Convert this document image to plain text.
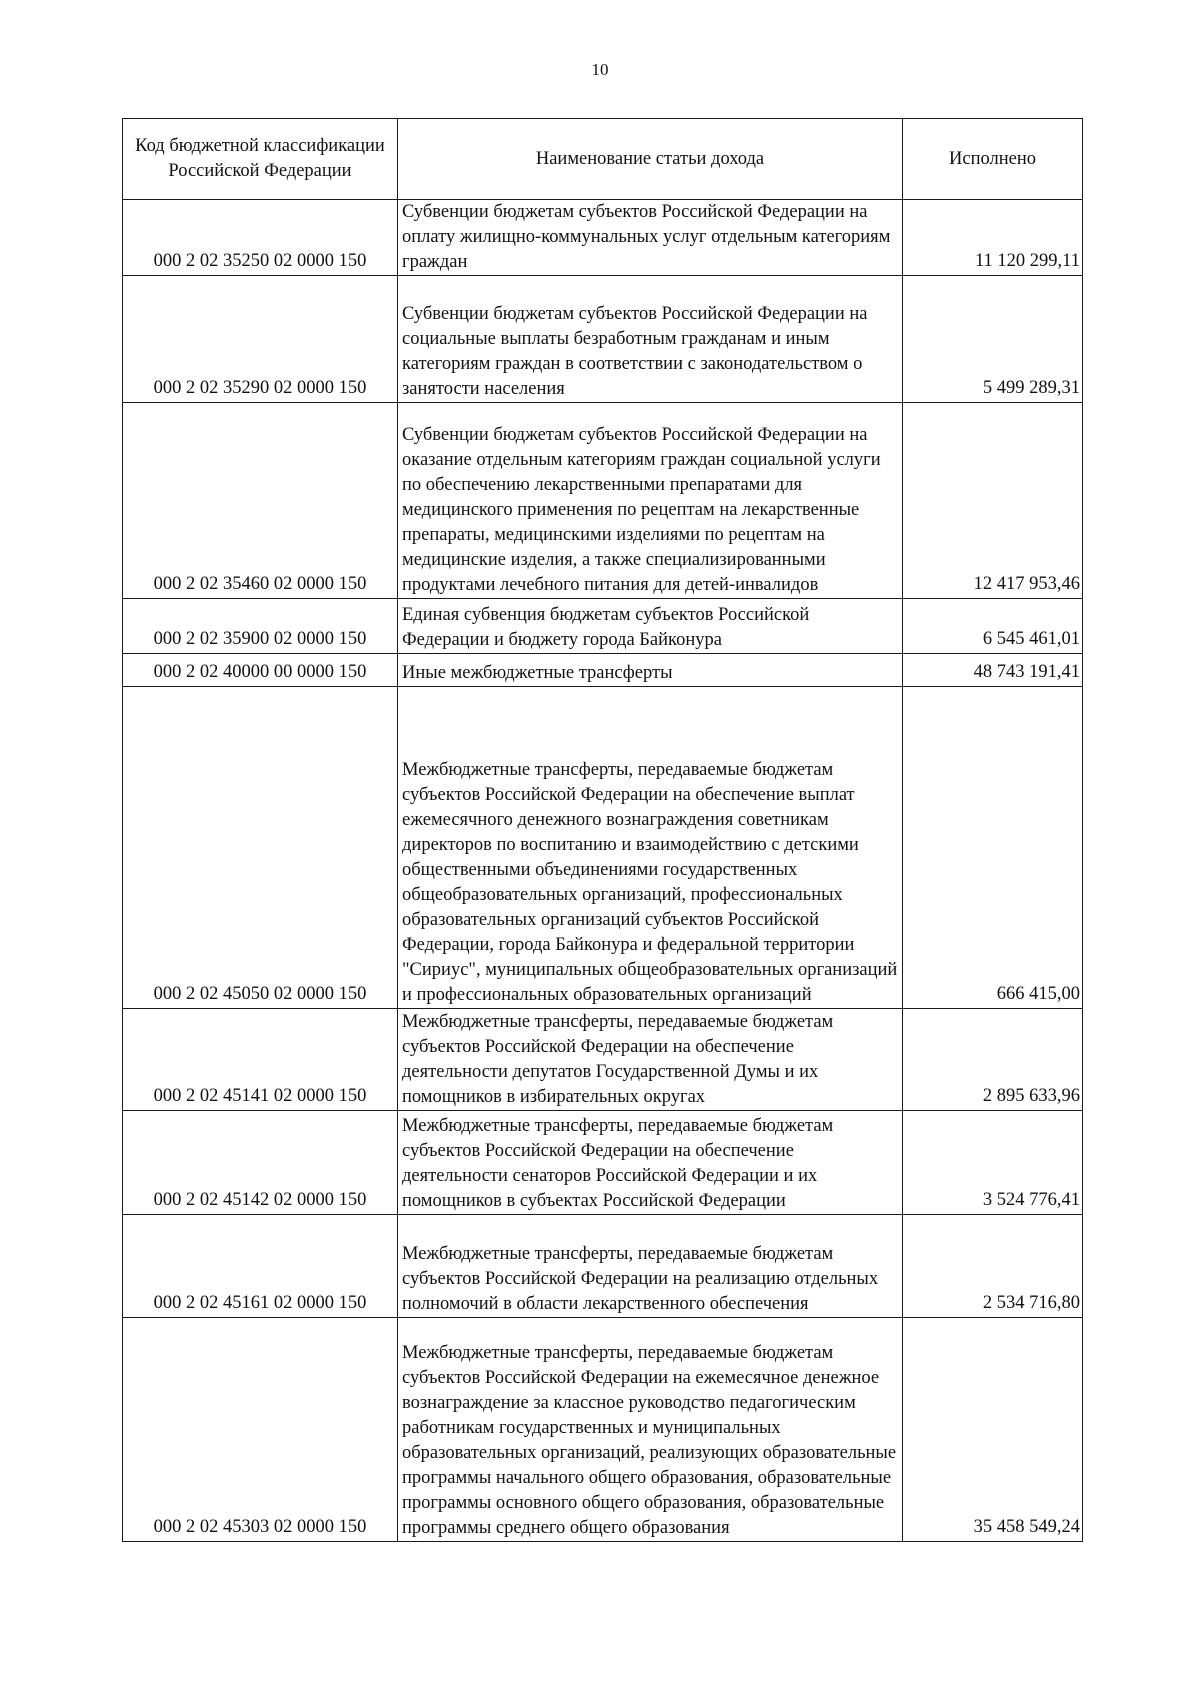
10
Код бюджетной классификации Российской Федерации	Наименование статьи дохода	Исполнено
000 2 02 35250 02 0000 150	Субвенции бюджетам субъектов Российской Федерации на оплату жилищно-коммунальных услуг отдельным категориям граждан	11 120 299,11
000 2 02 35290 02 0000 150	Субвенции бюджетам субъектов Российской Федерации на социальные выплаты безработным гражданам и иным категориям граждан в соответствии с законодательством о занятости населения	5 499 289,31
000 2 02 35460 02 0000 150	Субвенции бюджетам субъектов Российской Федерации на оказание отдельным категориям граждан социальной услуги по обеспечению лекарственными препаратами для медицинского применения по рецептам на лекарственные препараты, медицинскими изделиями по рецептам на медицинские изделия, а также специализированными продуктами лечебного питания для детей-инвалидов	12 417 953,46
000 2 02 35900 02 0000 150	Единая субвенция бюджетам субъектов Российской Федерации и бюджету города Байконура	6 545 461,01
000 2 02 40000 00 0000 150	Иные межбюджетные трансферты	48 743 191,41
000 2 02 45050 02 0000 150	Межбюджетные трансферты, передаваемые бюджетам субъектов Российской Федерации на обеспечение выплат ежемесячного денежного вознаграждения советникам директоров по воспитанию и взаимодействию с детскими общественными объединениями государственных общеобразовательных организаций, профессиональных образовательных организаций субъектов Российской Федерации, города Байконура и федеральной территории "Сириус", муниципальных общеобразовательных организаций и профессиональных образовательных организаций	666 415,00
000 2 02 45141 02 0000 150	Межбюджетные трансферты, передаваемые бюджетам субъектов Российской Федерации на обеспечение деятельности депутатов Государственной Думы и их помощников в избирательных округах	2 895 633,96
000 2 02 45142 02 0000 150	Межбюджетные трансферты, передаваемые бюджетам субъектов Российской Федерации на обеспечение деятельности сенаторов Российской Федерации и их помощников в субъектах Российской Федерации	3 524 776,41
000 2 02 45161 02 0000 150	Межбюджетные трансферты, передаваемые бюджетам субъектов Российской Федерации на реализацию отдельных полномочий в области лекарственного обеспечения	2 534 716,80
000 2 02 45303 02 0000 150	Межбюджетные трансферты, передаваемые бюджетам субъектов Российской Федерации на ежемесячное денежное вознаграждение за классное руководство педагогическим работникам государственных и муниципальных образовательных организаций, реализующих образовательные программы начального общего образования, образовательные программы основного общего образования, образовательные программы среднего общего образования	35 458 549,24
